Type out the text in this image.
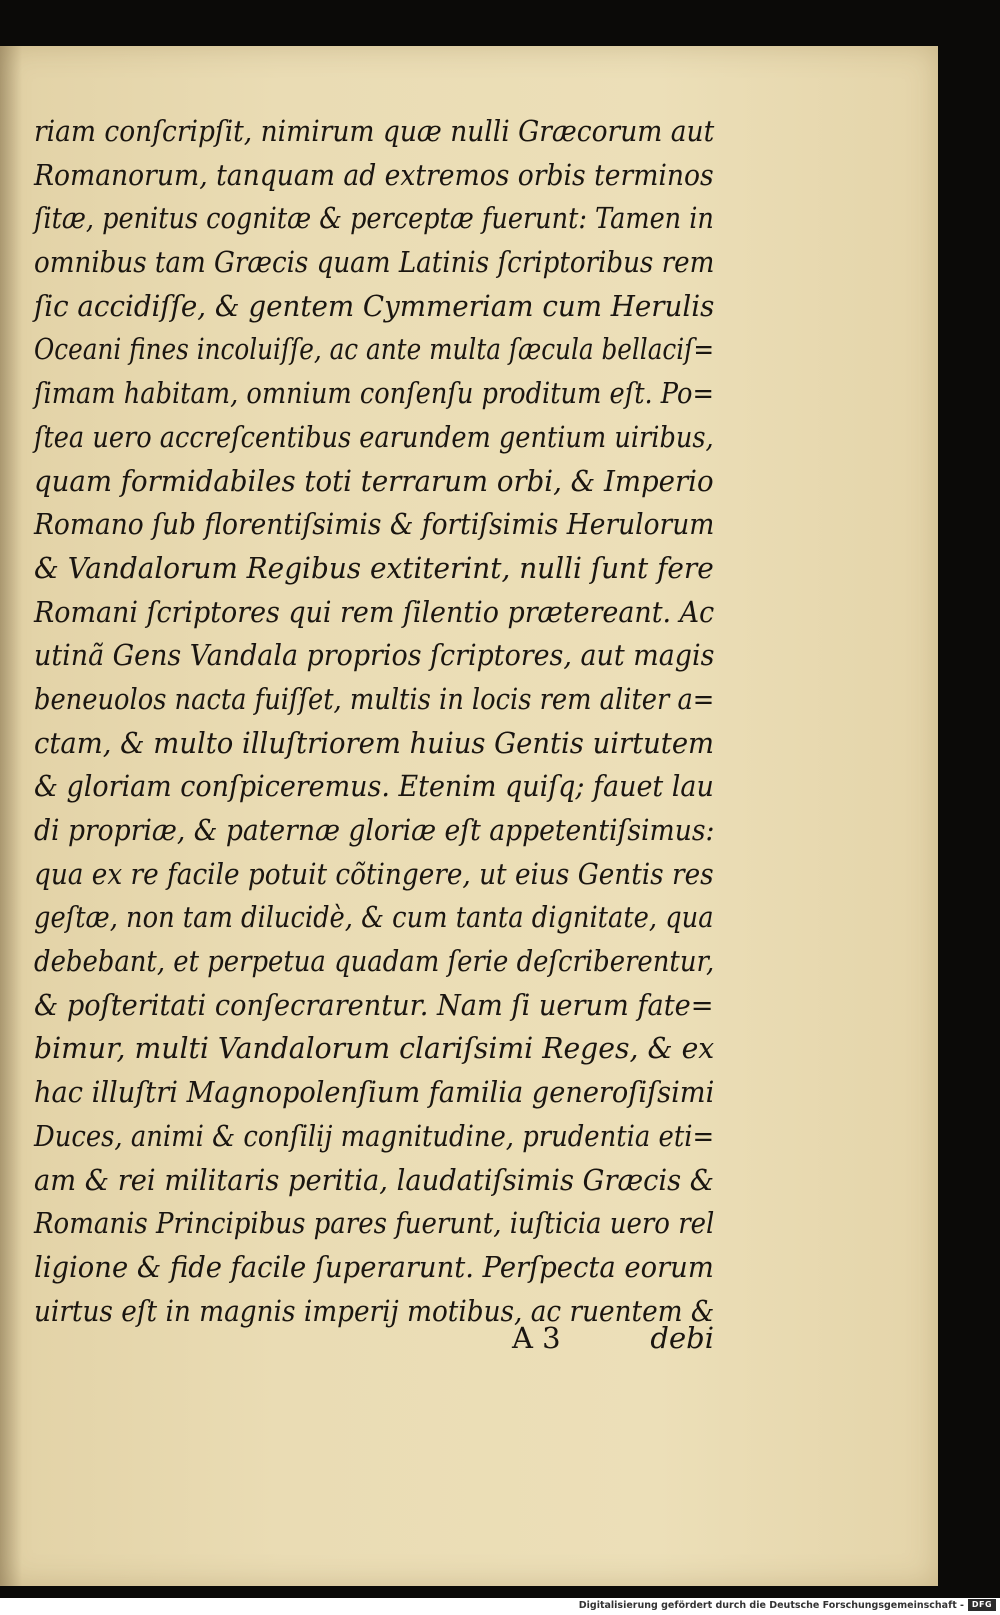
riam conſcripſit, nimirum quæ nulli Græcorum aut
Romanorum, tanquam ad extremos orbis terminos
ſitæ, penitus cognitæ & perceptæ fuerunt: Tamen in
omnibus tam Græcis quam Latinis ſcriptoribus rem
ſic accidiſſe, & gentem Cymmeriam cum Herulis
Oceani fines incoluiſſe, ac ante multa ſæcula bellaciſ=
ſimam habitam, omnium conſenſu proditum eſt. Po=
ſtea uero accreſcentibus earundem gentium uiribus,
quam formidabiles toti terrarum orbi, & Imperio
Romano ſub florentiſsimis & fortiſsimis Herulorum
& Vandalorum Regibus extiterint, nulli ſunt fere
Romani ſcriptores qui rem ſilentio prætereant. Ac
utinã Gens Vandala proprios ſcriptores, aut magis
beneuolos nacta fuiſſet, multis in locis rem aliter a=
ctam, & multo illuſtriorem huius Gentis uirtutem
& gloriam conſpiceremus. Etenim quiſq; fauet lau
di propriæ, & paternæ gloriæ eſt appetentiſsimus:
qua ex re facile potuit cõtingere, ut eius Gentis res
geſtæ, non tam dilucidè, & cum tanta dignitate, qua
debebant, et perpetua quadam ſerie deſcriberentur,
& poſteritati conſecrarentur. Nam ſi uerum fate=
bimur, multi Vandalorum clariſsimi Reges, & ex
hac illuſtri Magnopolenſium familia generoſiſsimi
Duces, animi & conſilij magnitudine, prudentia eti=
am & rei militaris peritia, laudatiſsimis Græcis &
Romanis Principibus pares fuerunt, iuſticia uero rel
ligione & fide facile ſuperarunt. Perſpecta eorum
uirtus eſt in magnis imperij motibus, ac ruentem &
A 3	debi
Digitalisierung gefördert durch die Deutsche Forschungsgemeinschaft - DFG
